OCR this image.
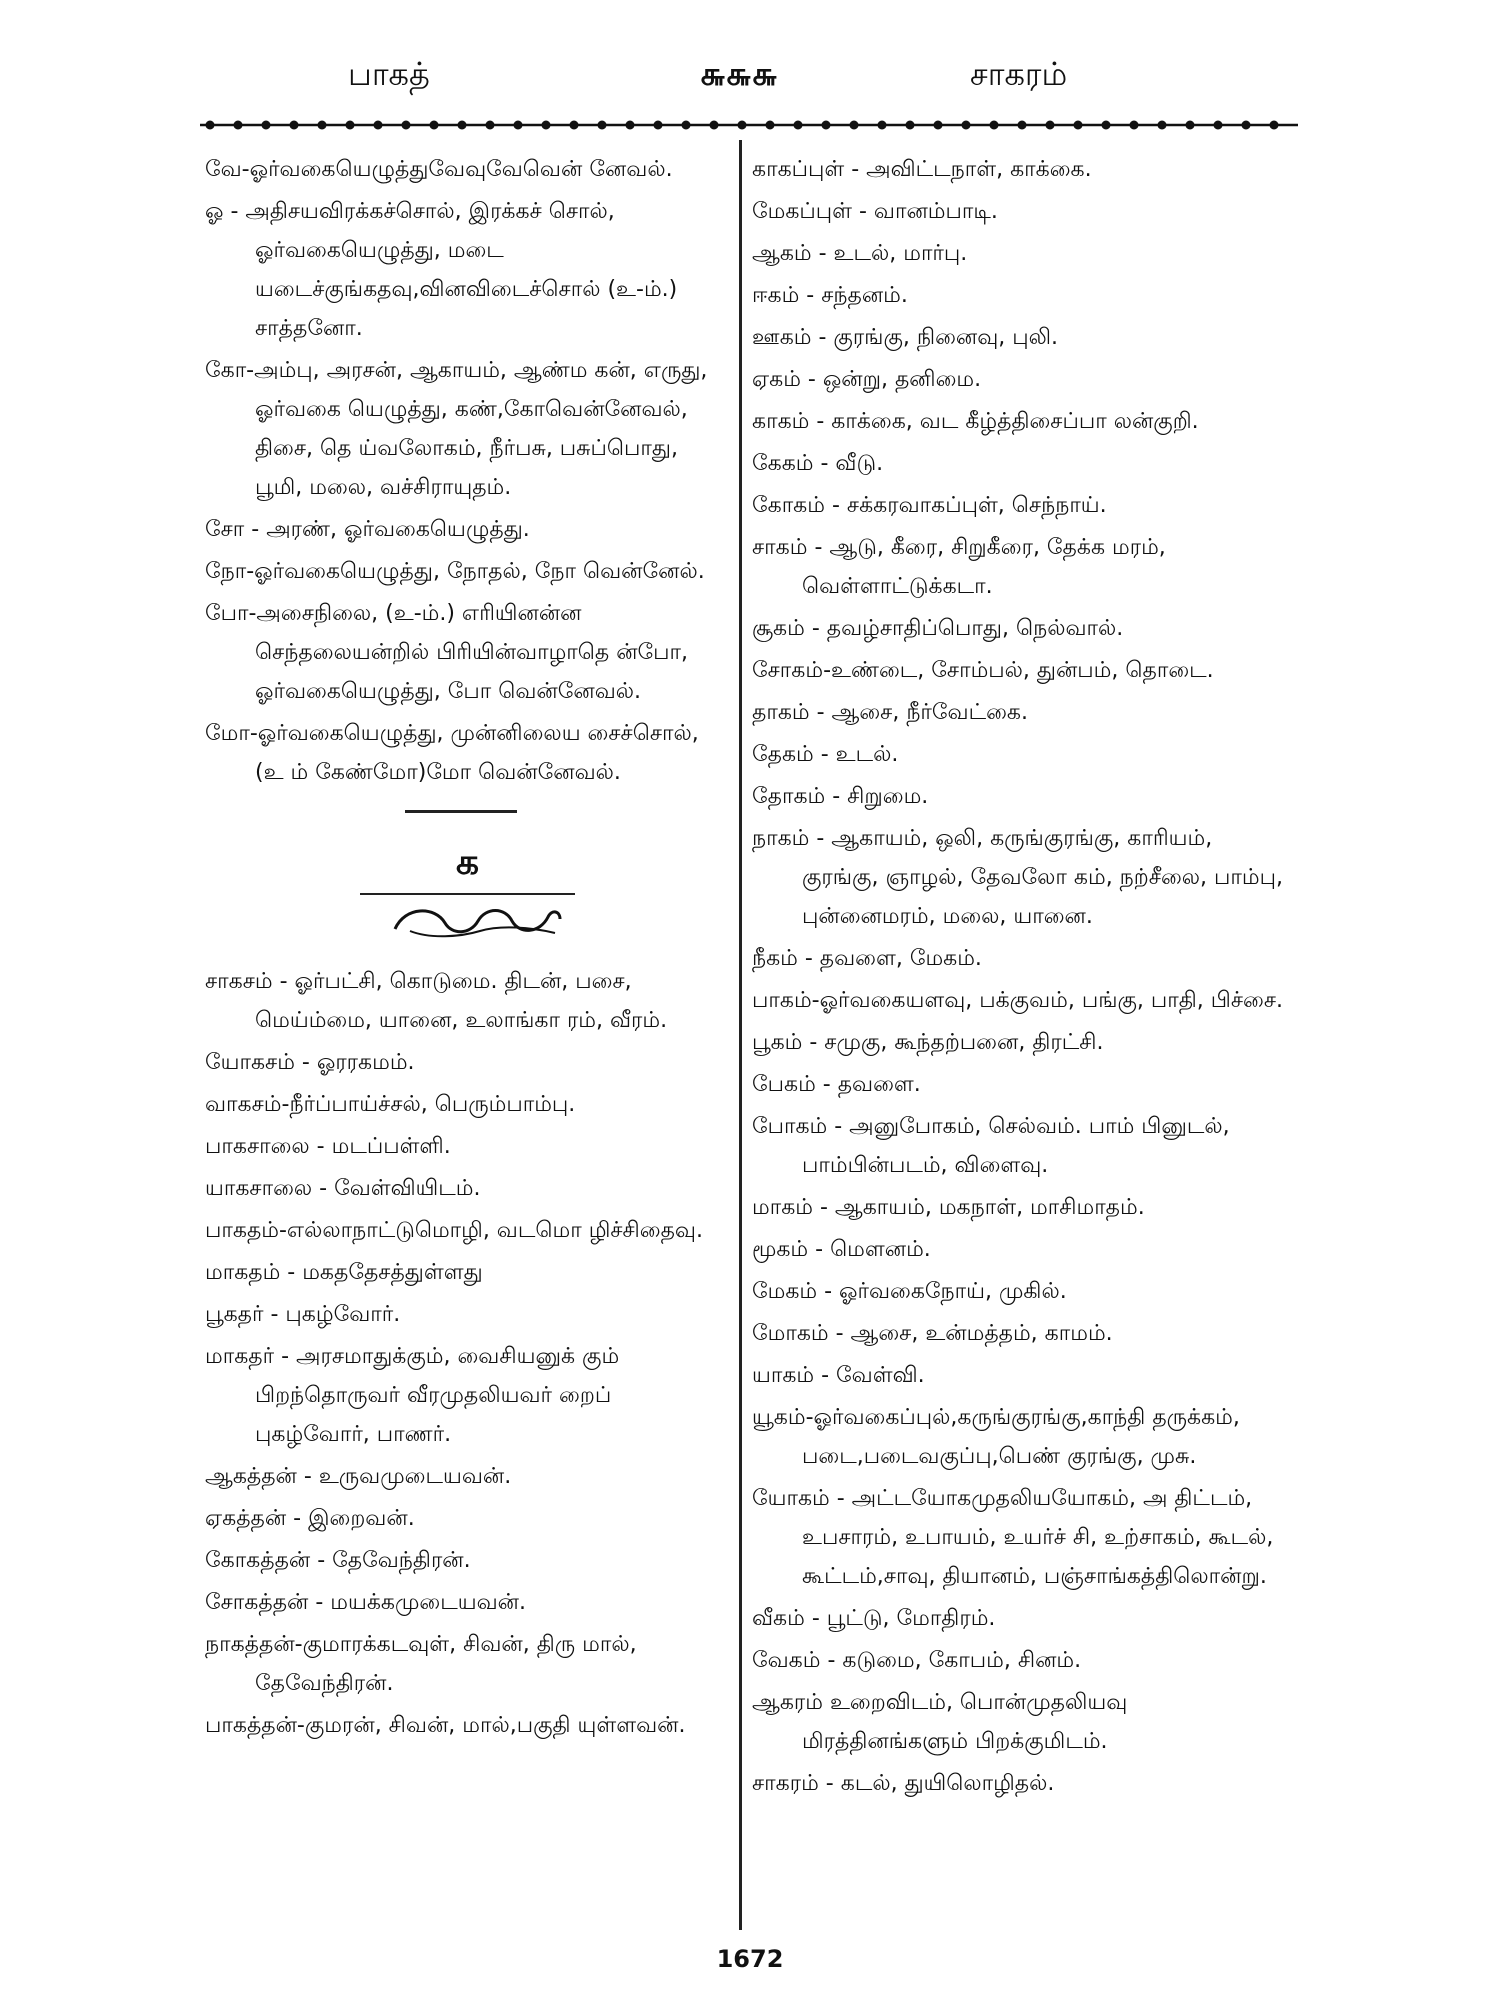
பாகத்	௬௬௬	சாகரம்
வே-ஓர்வகையெழுத்துவேவுவேவென் னேவல்.
ஓ - அதிசயவிரக்கச்சொல், இரக்கச் சொல், ஓர்வகையெழுத்து, மடை யடைச்குங்கதவு,வினவிடைச்சொல் (உ-ம்.) சாத்தனோ.
கோ-அம்பு, அரசன், ஆகாயம், ஆண்ம கன், எருது, ஓர்வகை யெழுத்து, கண்,கோவென்னேவல், திசை, தெ ய்வலோகம், நீர்பசு, பசுப்பொது, பூமி, மலை, வச்சிராயுதம்.
சோ - அரண், ஓர்வகையெழுத்து.
நோ-ஓர்வகையெழுத்து, நோதல், நோ வென்னேல்.
போ-அசைநிலை, (உ-ம்.) எரியினன்ன செந்தலையன்றில் பிரியின்வாழாதெ ன்போ, ஓர்வகையெழுத்து, போ வென்னேவல்.
மோ-ஓர்வகையெழுத்து, முன்னிலைய சைச்சொல், (உ ம் கேண்மோ)மோ வென்னேவல்.
க
சாகசம் - ஓர்பட்சி, கொடுமை. திடன், பசை, மெய்ம்மை, யானை, உலாங்கா ரம், வீரம்.
யோகசம் - ஓரரகமம்.
வாகசம்-நீர்ப்பாய்ச்சல், பெரும்பாம்பு.
பாகசாலை - மடப்பள்ளி.
யாகசாலை - வேள்வியிடம்.
பாகதம்-எல்லாநாட்டுமொழி, வடமொ ழிச்சிதைவு.
மாகதம் - மகததேசத்துள்ளது
பூகதர் - புகழ்வோர்.
மாகதர் - அரசமாதுக்கும், வைசியனுக் கும் பிறந்தொருவர் வீரமுதலியவர் றைப் புகழ்வோர், பாணர்.
ஆகத்தன் - உருவமுடையவன்.
ஏகத்தன் - இறைவன்.
கோகத்தன் - தேவேந்திரன்.
சோகத்தன் - மயக்கமுடையவன்.
நாகத்தன்-குமாரக்கடவுள், சிவன், திரு மால், தேவேந்திரன்.
பாகத்தன்-குமரன், சிவன், மால்,பகுதி யுள்ளவன்.
காகப்புள் - அவிட்டநாள், காக்கை.
மேகப்புள் - வானம்பாடி.
ஆகம் - உடல், மார்பு.
ஈகம் - சந்தனம்.
ஊகம் - குரங்கு, நினைவு, புலி.
ஏகம் - ஒன்று, தனிமை.
காகம் - காக்கை, வட கீழ்த்திசைப்பா லன்குறி.
கேகம் - வீடு.
கோகம் - சக்கரவாகப்புள், செந்நாய்.
சாகம் - ஆடு, கீரை, சிறுகீரை, தேக்க மரம், வெள்ளாட்டுக்கடா.
சூகம் - தவழ்சாதிப்பொது, நெல்வால்.
சோகம்-உண்டை, சோம்பல், துன்பம், தொடை.
தாகம் - ஆசை, நீர்வேட்கை.
தேகம் - உடல்.
தோகம் - சிறுமை.
நாகம் - ஆகாயம், ஒலி, கருங்குரங்கு, காரியம், குரங்கு, ஞாழல், தேவலோ கம், நற்சீலை, பாம்பு, புன்னைமரம், மலை, யானை.
நீகம் - தவளை, மேகம்.
பாகம்-ஓர்வகையளவு, பக்குவம், பங்கு, பாதி, பிச்சை.
பூகம் - சமுகு, கூந்தற்பனை, திரட்சி.
பேகம் - தவளை.
போகம் - அனுபோகம், செல்வம். பாம் பினுடல், பாம்பின்படம், விளைவு.
மாகம் - ஆகாயம், மகநாள், மாசிமாதம்.
மூகம் - மௌனம்.
மேகம் - ஓர்வகைநோய், முகில்.
மோகம் - ஆசை, உன்மத்தம், காமம்.
யாகம் - வேள்வி.
யூகம்-ஓர்வகைப்புல்,கருங்குரங்கு,காந்தி தருக்கம், படை,படைவகுப்பு,பெண் குரங்கு, முசு.
யோகம் - அட்டயோகமுதலியயோகம், அ திட்டம், உபசாரம், உபாயம், உயர்ச் சி, உற்சாகம், கூடல், கூட்டம்,சாவு, தியானம், பஞ்சாங்கத்திலொன்று.
வீகம் - பூட்டு, மோதிரம்.
வேகம் - கடுமை, கோபம், சினம்.
ஆகரம் உறைவிடம், பொன்முதலியவு மிரத்தினங்களும் பிறக்குமிடம்.
சாகரம் - கடல், துயிலொழிதல்.
1672
